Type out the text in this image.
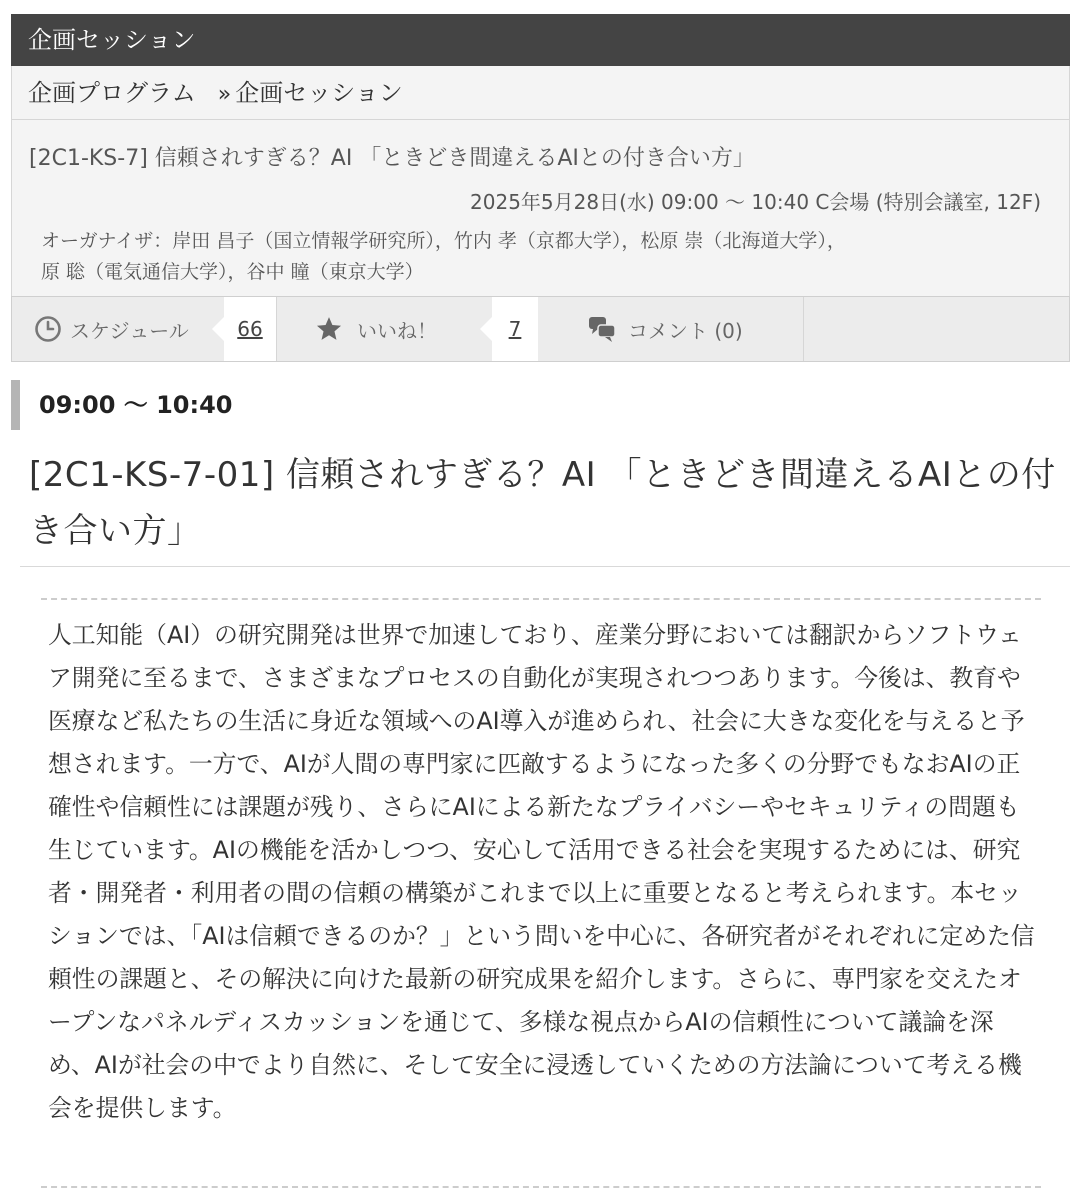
企画セッション
企画プログラム » 企画セッション
[2C1-KS-7] 信頼されすぎる？AI 「ときどき間違えるAIとの付き合い方」
2025年5月28日(水) 09:00 〜 10:40 C会場 (特別会議室, 12F)
オーガナイザ：岸田 昌子（国立情報学研究所），竹内 孝（京都大学），松原 崇（北海道大学），
原 聡（電気通信大学），谷中 瞳（東京大学）
スケジュール	66	いいね！	7	コメント (0)
09:00 〜 10:40
[2C1-KS-7-01] 信頼されすぎる？AI 「ときどき間違えるAIとの付き合い方」

人工知能（AI）の研究開発は世界で加速しており、産業分野においては翻訳からソフトウェア開発に至るまで、さまざまなプロセスの自動化が実現されつつあります。今後は、教育や医療など私たちの生活に身近な領域へのAI導入が進められ、社会に大きな変化を与えると予想されます。一方で、AIが人間の専門家に匹敵するようになった多くの分野でもなおAIの正確性や信頼性には課題が残り、さらにAIによる新たなプライバシーやセキュリティの問題も生じています。AIの機能を活かしつつ、安心して活用できる社会を実現するためには、研究者・開発者・利用者の間の信頼の構築がこれまで以上に重要となると考えられます。本セッションでは、「AIは信頼できるのか？」という問いを中心に、各研究者がそれぞれに定めた信頼性の課題と、その解決に向けた最新の研究成果を紹介します。さらに、専門家を交えたオープンなパネルディスカッションを通じて、多様な視点からAIの信頼性について議論を深め、AIが社会の中でより自然に、そして安全に浸透していくための方法論について考える機会を提供します。
